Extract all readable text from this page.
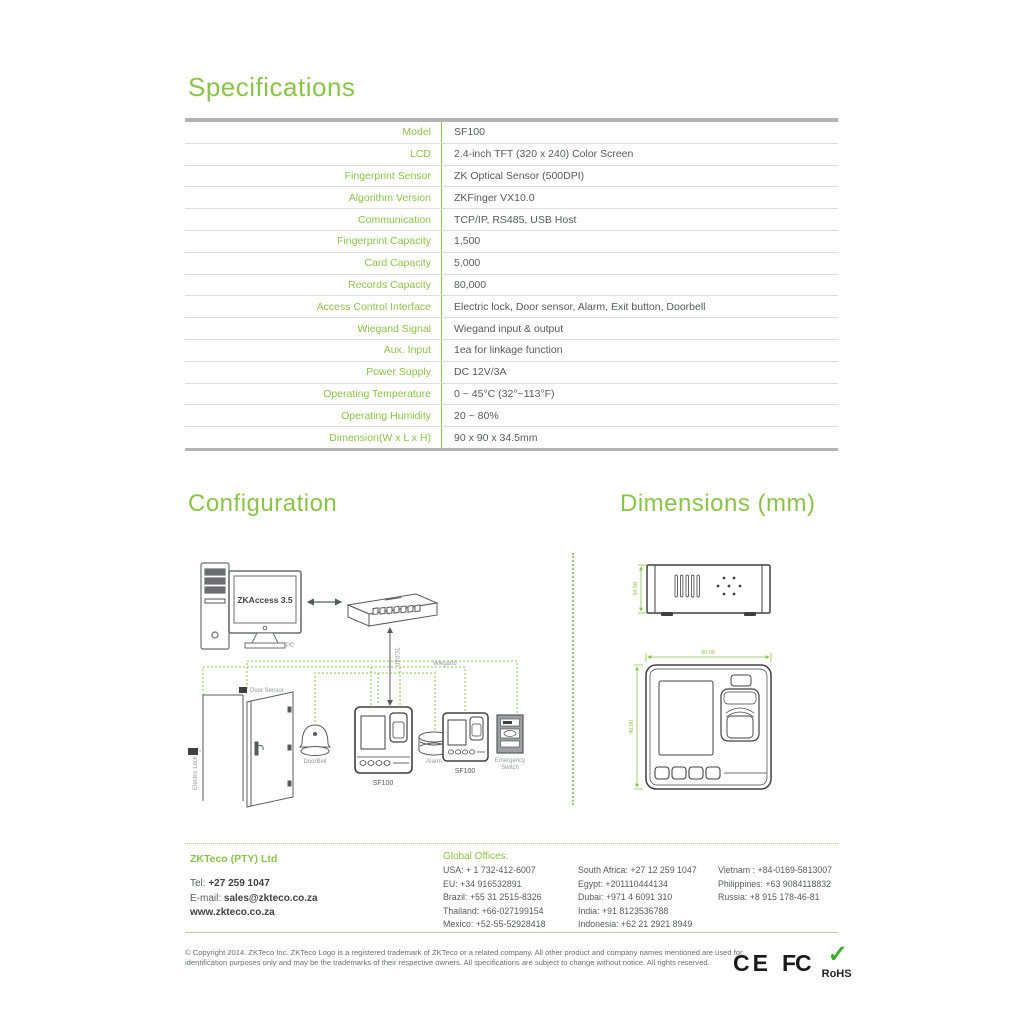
Specifications
Model	SF100
LCD	2.4-inch TFT (320 x 240) Color Screen
Fingerprint Sensor	ZK Optical Sensor (500DPI)
Algorithm Version	ZKFinger VX10.0
Communication	TCP/IP, RS485, USB Host
Fingerprint Capacity	1,500
Card Capacity	5,000
Records Capacity	80,000
Access Control Interface	Electric lock, Door sensor, Alarm, Exit button, Doorbell
Wiegand Signal	Wiegand input & output
Aux. Input	1ea for linkage function
Power Supply	DC 12V/3A
Operating Temperature	0 ~ 45°C (32°~113°F)
Operating Humidity	20 ~ 80%
Dimension(W x L x H)	90 x 90 x 34.5mm
Configuration	Dimensions (mm)
ZKAccess 3.5
PC
TCP/IP	Wiegand
Door Sensor
Electric Lock	DoorBell
SF100
Alarm
SF100
Emergency
Switch
34.50
90.00
90.00
ZKTeco (PTY) Ltd
Tel: +27 259 1047
E-mail: sales@zkteco.co.za
www.zkteco.co.za
Global Offices:
USA: + 1 732-412-6007
EU: +34 916532891
Brazil: +55 31 2515-8326
Thailand: +66-027199154
Mexico: +52-55-52928418
South Africa: +27 12 259 1047
Egypt: +201110444134
Dubai: +971 4 6091 310
India: +91 8123536788
Indonesia: +62 21 2921 8949
Vietnam : +84-0169-5813007
Philippines: +63 9084118832
Russia: +8 915 178-46-81
© Copyright 2014. ZKTeco Inc. ZKTeco Logo is a registered trademark of ZKTeco or a related company. All other product and company names mentioned are used for identification purposes only and may be the trademarks of their respective owners. All specifications are subject to change without notice. All rights reserved.	CE FC ✓
RoHS
